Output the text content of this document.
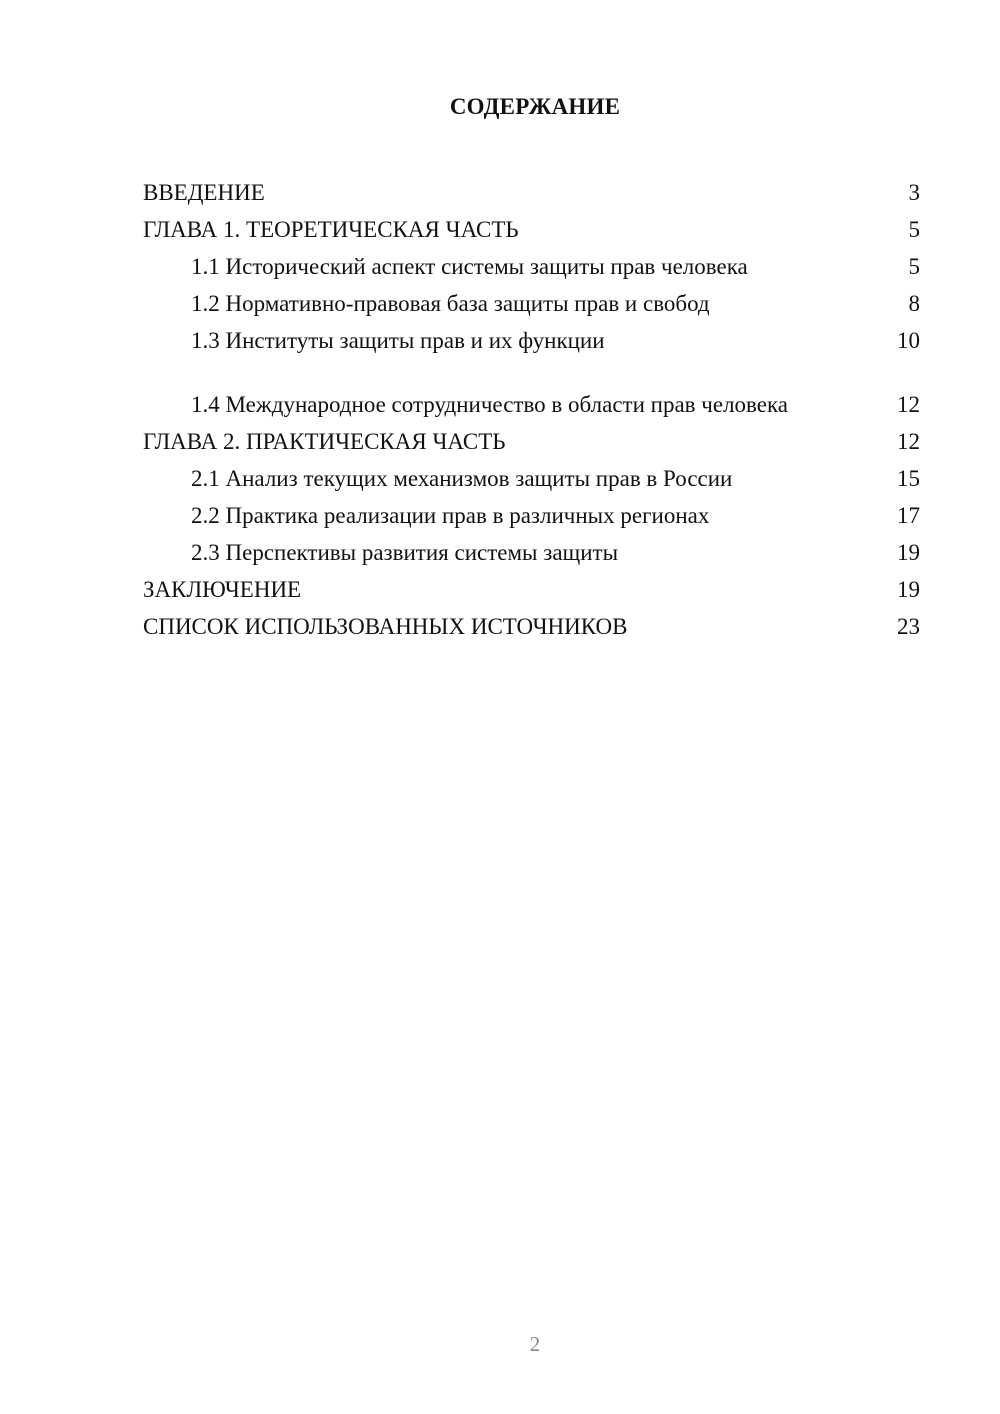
СОДЕРЖАНИЕ
ВВЕДЕНИЕ	3
ГЛАВА 1. ТЕОРЕТИЧЕСКАЯ ЧАСТЬ	5
1.1 Исторический аспект системы защиты прав человека	5
1.2 Нормативно-правовая база защиты прав и свобод	8
1.3 Институты защиты прав и их функции	10
1.4 Международное сотрудничество в области прав человека	12
ГЛАВА 2. ПРАКТИЧЕСКАЯ ЧАСТЬ	12
2.1 Анализ текущих механизмов защиты прав в России	15
2.2 Практика реализации прав в различных регионах	17
2.3 Перспективы развития системы защиты	19
ЗАКЛЮЧЕНИЕ	19
СПИСОК ИСПОЛЬЗОВАННЫХ ИСТОЧНИКОВ	23
2
